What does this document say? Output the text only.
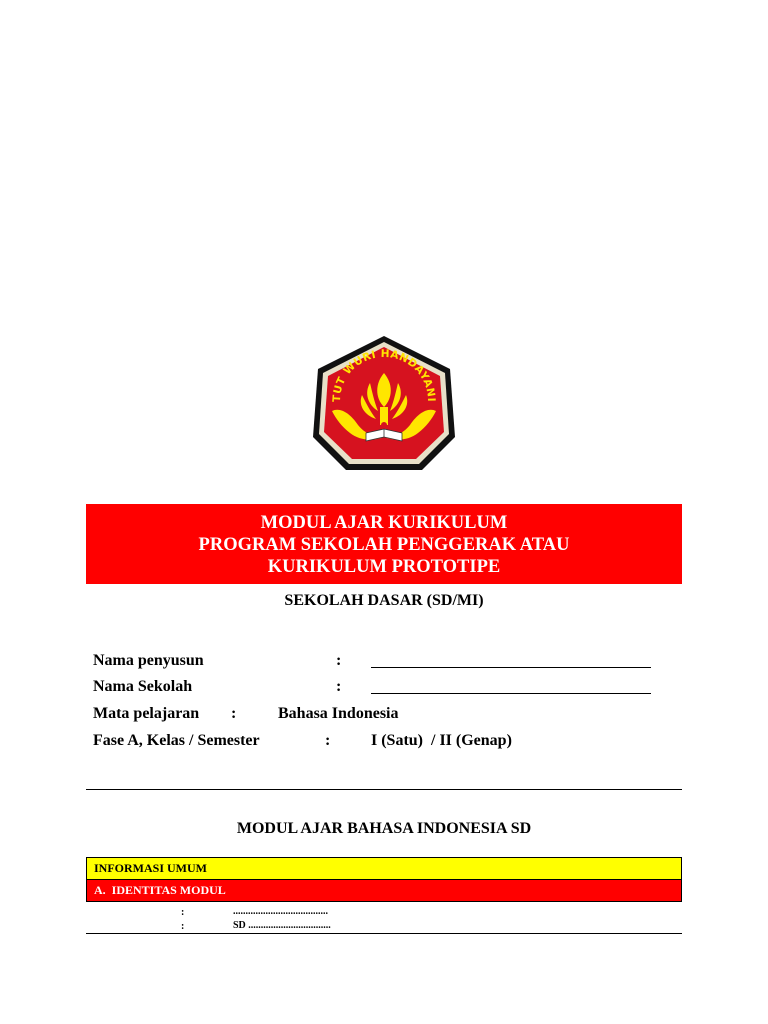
TUT WURI HANDAYANI
MODUL AJAR KURIKULUM
PROGRAM SEKOLAH PENGGERAK ATAU
KURIKULUM PROTOTIPE
SEKOLAH DASAR (SD/MI)
Nama penyusun	:
Nama Sekolah	:
Mata pelajaran :	Bahasa Indonesia
Fase A, Kelas / Semester	:	I (Satu)  / II (Genap)
MODUL AJAR BAHASA INDONESIA SD
INFORMASI UMUM
A.  IDENTITAS MODUL
:	......................................
:	SD .................................
